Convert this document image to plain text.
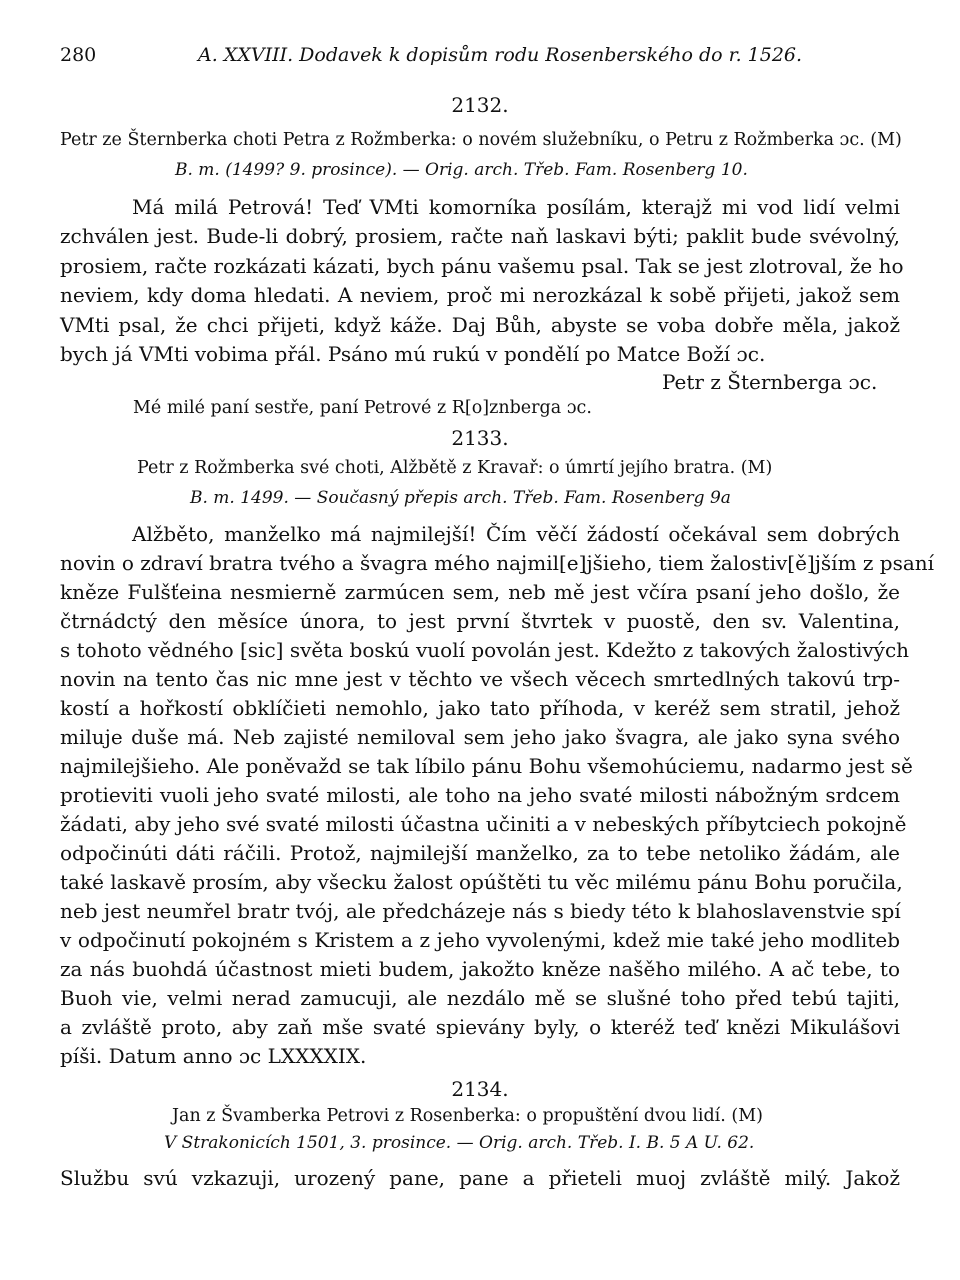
280	A. XXVIII. Dodavek k dopisům rodu Rosenberského do r. 1526.
2132.
Petr ze Šternberka choti Petra z Rožmberka: o novém služebníku, o Petru z Rožmberka ɔc. (M)
B. m. (1499? 9. prosince). — Orig. arch. Třeb. Fam. Rosenberg 10.
Má milá Petrová! Teď VMti komorníka posílám, kterajž mi vod lidí velmi
zchválen jest. Bude-li dobrý, prosiem, račte naň laskavi býti; paklit bude svévolný,
prosiem, račte rozkázati kázati, bych pánu vašemu psal. Tak se jest zlotroval, že ho
neviem, kdy doma hledati. A neviem, proč mi nerozkázal k sobě přijeti, jakož sem
VMti psal, že chci přijeti, když káže. Daj Bůh, abyste se voba dobře měla, jakož
bych já VMti vobima přál. Psáno mú rukú v pondělí po Matce Boží ɔc.
Petr z Šternberga ɔc.
Mé milé paní sestře, paní Petrové z R[o]znberga ɔc.
2133.
Petr z Rožmberka své choti, Alžbětě z Kravař: o úmrtí jejího bratra. (M)
B. m. 1499. — Současný přepis arch. Třeb. Fam. Rosenberg 9a
Alžběto, manželko má najmilejší! Čím věčí žádostí očekával sem dobrých
novin o zdraví bratra tvého a švagra mého najmil[e]jšieho, tiem žalostiv[ě]jším z psaní
kněze Fulšťeina nesmierně zarmúcen sem, neb mě jest včíra psaní jeho došlo, že
čtrnádctý den měsíce února, to jest první štvrtek v puostě, den sv. Valentina,
s tohoto vědného [sic] světa boskú vuolí povolán jest. Kdežto z takových žalostivých
novin na tento čas nic mne jest v těchto ve všech věcech smrtedlných takovú trp-
kostí a hořkostí obklíčieti nemohlo, jako tato příhoda, v keréž sem stratil, jehož
miluje duše má. Neb zajisté nemiloval sem jeho jako švagra, ale jako syna svého
najmilejšieho. Ale poněvažd se tak líbilo pánu Bohu všemohúciemu, nadarmo jest sě
protieviti vuoli jeho svaté milosti, ale toho na jeho svaté milosti nábožným srdcem
žádati, aby jeho své svaté milosti účastna učiniti a v nebeských příbytciech pokojně
odpočinúti dáti ráčili. Protož, najmilejší manželko, za to tebe netoliko žádám, ale
také laskavě prosím, aby všecku žalost opúštěti tu věc milému pánu Bohu poručila,
neb jest neumřel bratr tvój, ale předcházeje nás s biedy této k blahoslavenstvie spí
v odpočinutí pokojném s Kristem a z jeho vyvolenými, kdež mie také jeho modliteb
za nás buohdá účastnost mieti budem, jakožto kněze našěho milého. A ač tebe, to
Buoh vie, velmi nerad zamucuji, ale nezdálo mě se slušné toho před tebú tajiti,
a zvláště proto, aby zaň mše svaté spievány byly, o kteréž teď knězi Mikulášovi
píši. Datum anno ɔc LXXXXIX.
2134.
Jan z Švamberka Petrovi z Rosenberka: o propuštění dvou lidí. (M)
V Strakonicích 1501, 3. prosince. — Orig. arch. Třeb. I. B. 5 A U. 62.
Službu svú vzkazuji, urozený pane, pane a přieteli muoj zvláště milý. Jakož
